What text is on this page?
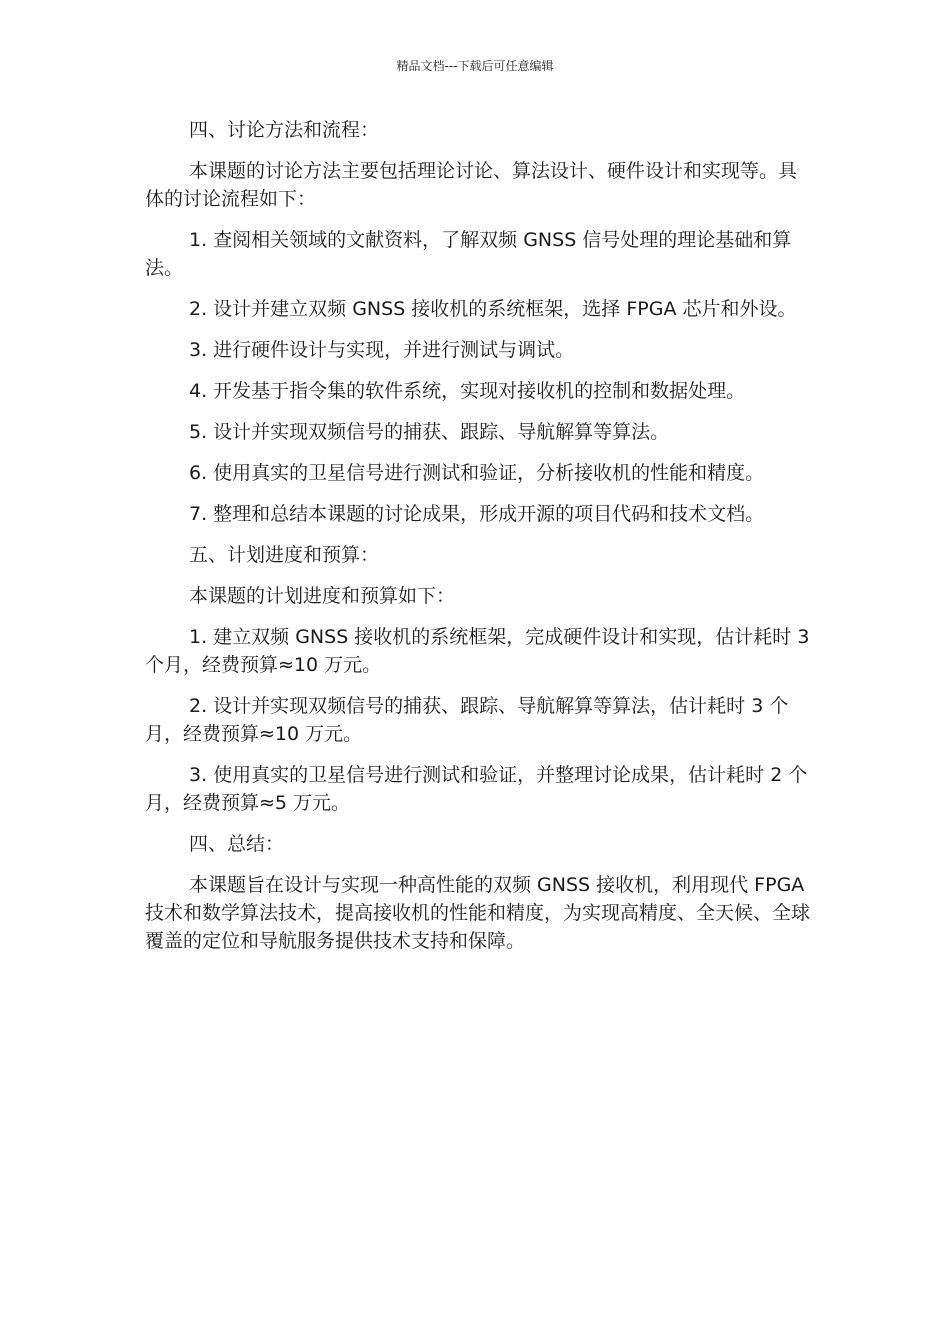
精品文档---下载后可任意编辑

四、讨论方法和流程：

本课题的讨论方法主要包括理论讨论、算法设计、硬件设计和实现等。具体的讨论流程如下：

1. 查阅相关领域的文献资料，了解双频 GNSS 信号处理的理论基础和算法。

2. 设计并建立双频 GNSS 接收机的系统框架，选择 FPGA 芯片和外设。

3. 进行硬件设计与实现，并进行测试与调试。

4. 开发基于指令集的软件系统，实现对接收机的控制和数据处理。

5. 设计并实现双频信号的捕获、跟踪、导航解算等算法。

6. 使用真实的卫星信号进行测试和验证，分析接收机的性能和精度。

7. 整理和总结本课题的讨论成果，形成开源的项目代码和技术文档。

五、计划进度和预算：

本课题的计划进度和预算如下：

1. 建立双频 GNSS 接收机的系统框架，完成硬件设计和实现，估计耗时 3 个月，经费预算≈10 万元。

2. 设计并实现双频信号的捕获、跟踪、导航解算等算法，估计耗时 3 个月，经费预算≈10 万元。

3. 使用真实的卫星信号进行测试和验证，并整理讨论成果，估计耗时 2 个月，经费预算≈5 万元。

四、总结：

本课题旨在设计与实现一种高性能的双频 GNSS 接收机，利用现代 FPGA 技术和数学算法技术，提高接收机的性能和精度，为实现高精度、全天候、全球覆盖的定位和导航服务提供技术支持和保障。
